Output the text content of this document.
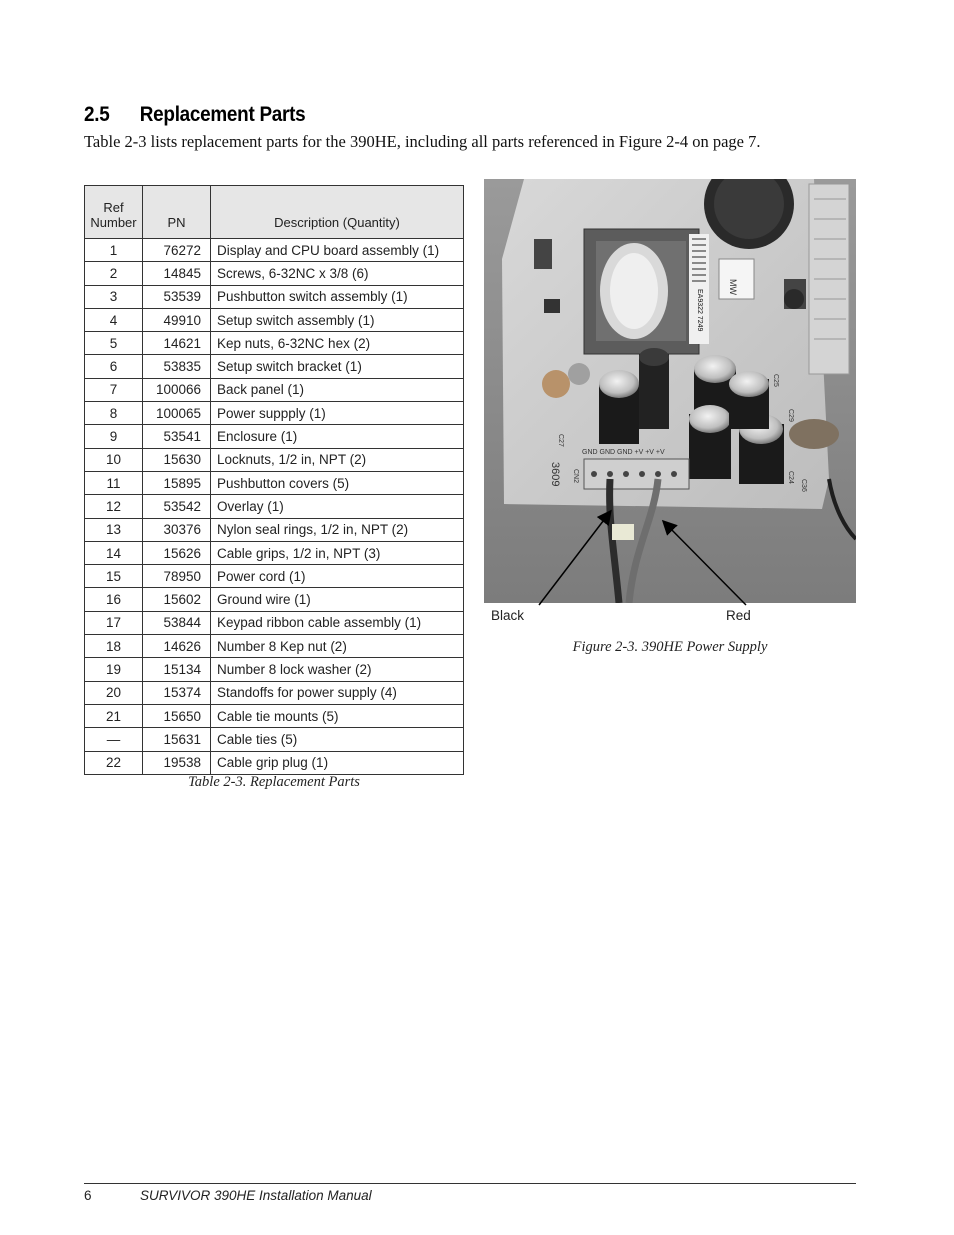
2.5 Replacement Parts

Table 2-3 lists replacement parts for the 390HE, including all parts referenced in Figure 2-4 on page 7.

Ref
Number	PN	Description (Quantity)
1	76272	Display and CPU board assembly (1)
2	14845	Screws, 6-32NC x 3/8 (6)
3	53539	Pushbutton switch assembly (1)
4	49910	Setup switch assembly (1)
5	14621	Kep nuts, 6-32NC hex (2)
6	53835	Setup switch bracket (1)
7	100066	Back panel (1)
8	100065	Power suppply (1)
9	53541	Enclosure (1)
10	15630	Locknuts, 1/2 in, NPT (2)
11	15895	Pushbutton covers (5)
12	53542	Overlay (1)
13	30376	Nylon seal rings, 1/2 in, NPT (2)
14	15626	Cable grips, 1/2 in, NPT (3)
15	78950	Power cord (1)
16	15602	Ground wire (1)
17	53844	Keypad ribbon cable assembly (1)
18	14626	Number 8 Kep nut (2)
19	15134	Number 8 lock washer (2)
20	15374	Standoffs for power supply (4)
21	15650	Cable tie mounts (5)
—	15631	Cable ties (5)
22	19538	Cable grip plug (1)

Table 2-3. Replacement Parts

EA9322 7249
MW
GND GND GND +V +V +V
3609 CN2	C24
C36
C29
C25
C27

Black	Red

Figure 2-3. 390HE Power Supply

6	SURVIVOR 390HE Installation Manual
